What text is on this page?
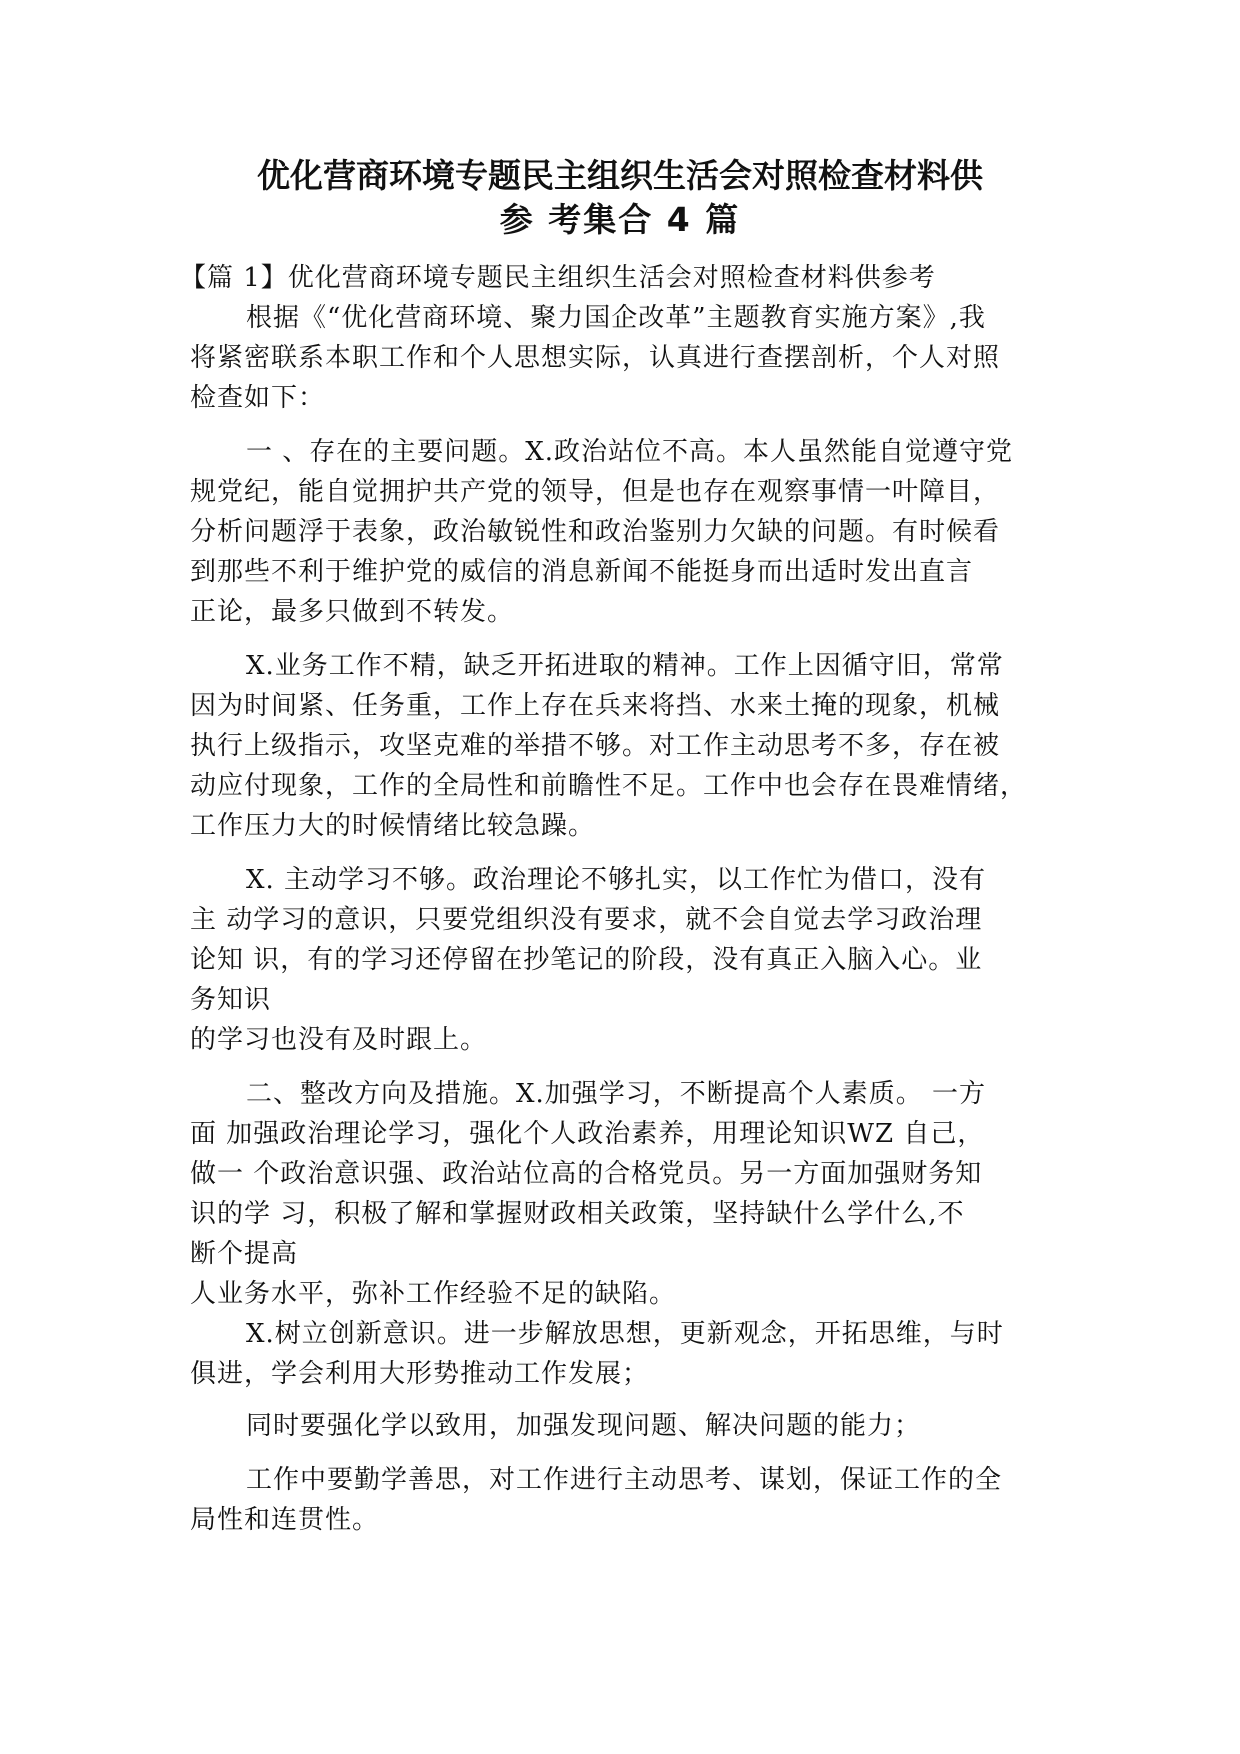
优化营商环境专题民主组织生活会对照检查材料供
参 考集合 4 篇
【篇 1】优化营商环境专题民主组织生活会对照检查材料供参考
根据《“优化营商环境、聚力国企改革”主题教育实施方案》,我
将紧密联系本职工作和个人思想实际，认真进行查摆剖析，个人对照
检查如下：
一 、存在的主要问题。X.政治站位不高。本人虽然能自觉遵守党
规党纪，能自觉拥护共产党的领导，但是也存在观察事情一叶障目，
分析问题浮于表象，政治敏锐性和政治鉴别力欠缺的问题。有时候看
到那些不利于维护党的威信的消息新闻不能挺身而出适时发出直言
正论，最多只做到不转发。
X.业务工作不精，缺乏开拓进取的精神。工作上因循守旧，常常
因为时间紧、任务重，工作上存在兵来将挡、水来土掩的现象，机械
执行上级指示，攻坚克难的举措不够。对工作主动思考不多，存在被
动应付现象，工作的全局性和前瞻性不足。工作中也会存在畏难情绪，
工作压力大的时候情绪比较急躁。
X. 主动学习不够。政治理论不够扎实，以工作忙为借口，没有
主 动学习的意识，只要党组织没有要求，就不会自觉去学习政治理
论知 识，有的学习还停留在抄笔记的阶段，没有真正入脑入心。业
务知识
的学习也没有及时跟上。
二、整改方向及措施。X.加强学习，不断提高个人素质。 一方
面 加强政治理论学习，强化个人政治素养，用理论知识WZ 自己，
做一 个政治意识强、政治站位高的合格党员。另一方面加强财务知
识的学 习，积极了解和掌握财政相关政策，坚持缺什么学什么,不
断个提高
人业务水平，弥补工作经验不足的缺陷。
X.树立创新意识。进一步解放思想，更新观念，开拓思维，与时
俱进，学会利用大形势推动工作发展；
同时要强化学以致用，加强发现问题、解决问题的能力；
工作中要勤学善思，对工作进行主动思考、谋划，保证工作的全
局性和连贯性。
